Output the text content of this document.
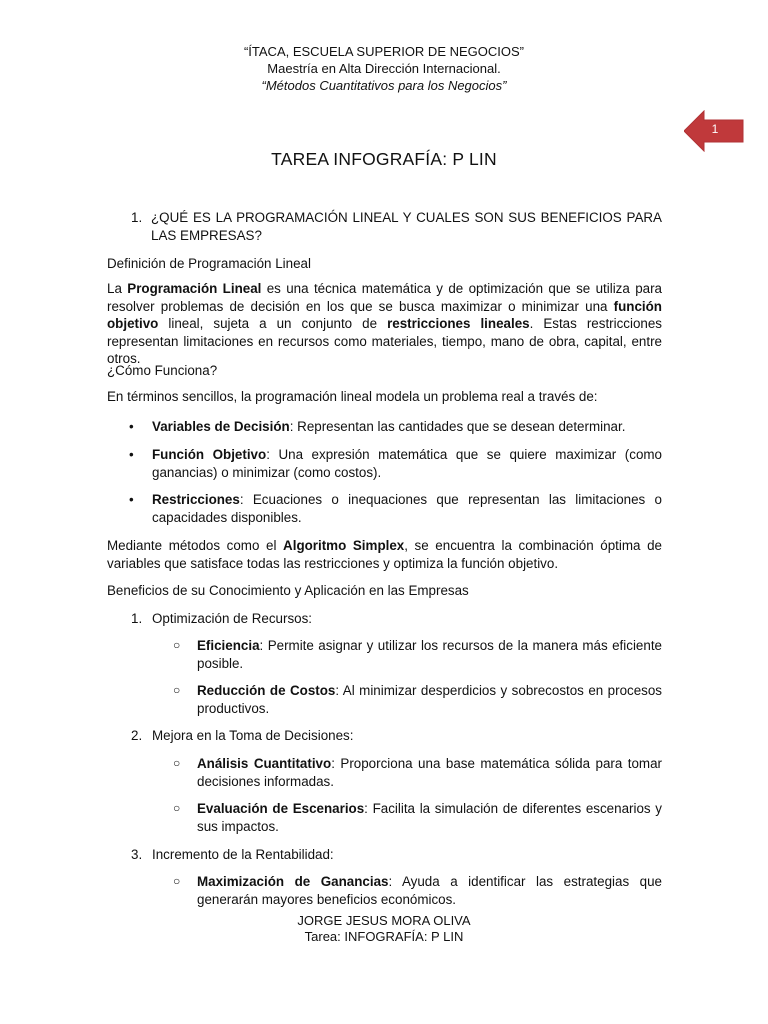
“ÍTACA, ESCUELA SUPERIOR DE NEGOCIOS”
Maestría en Alta Dirección Internacional.
“Métodos Cuantitativos para los Negocios”
1
TAREA INFOGRAFÍA: P LIN
1. ¿QUÉ ES LA PROGRAMACIÓN LINEAL Y CUALES SON SUS BENEFICIOS PARA LAS EMPRESAS?
Definición de Programación Lineal
La Programación Lineal es una técnica matemática y de optimización que se utiliza para resolver problemas de decisión en los que se busca maximizar o minimizar una función objetivo lineal, sujeta a un conjunto de restricciones lineales. Estas restricciones representan limitaciones en recursos como materiales, tiempo, mano de obra, capital, entre otros.
¿Cómo Funciona?
En términos sencillos, la programación lineal modela un problema real a través de:
• Variables de Decisión: Representan las cantidades que se desean determinar.
• Función Objetivo: Una expresión matemática que se quiere maximizar (como ganancias) o minimizar (como costos).
• Restricciones: Ecuaciones o inequaciones que representan las limitaciones o capacidades disponibles.
Mediante métodos como el Algoritmo Simplex, se encuentra la combinación óptima de variables que satisface todas las restricciones y optimiza la función objetivo.
Beneficios de su Conocimiento y Aplicación en las Empresas
1. Optimización de Recursos:
○ Eficiencia: Permite asignar y utilizar los recursos de la manera más eficiente posible.
○ Reducción de Costos: Al minimizar desperdicios y sobrecostos en procesos productivos.
2. Mejora en la Toma de Decisiones:
○ Análisis Cuantitativo: Proporciona una base matemática sólida para tomar decisiones informadas.
○ Evaluación de Escenarios: Facilita la simulación de diferentes escenarios y sus impactos.
3. Incremento de la Rentabilidad:
○ Maximización de Ganancias: Ayuda a identificar las estrategias que generarán mayores beneficios económicos.
JORGE JESUS MORA OLIVA
Tarea: INFOGRAFÍA: P LIN
